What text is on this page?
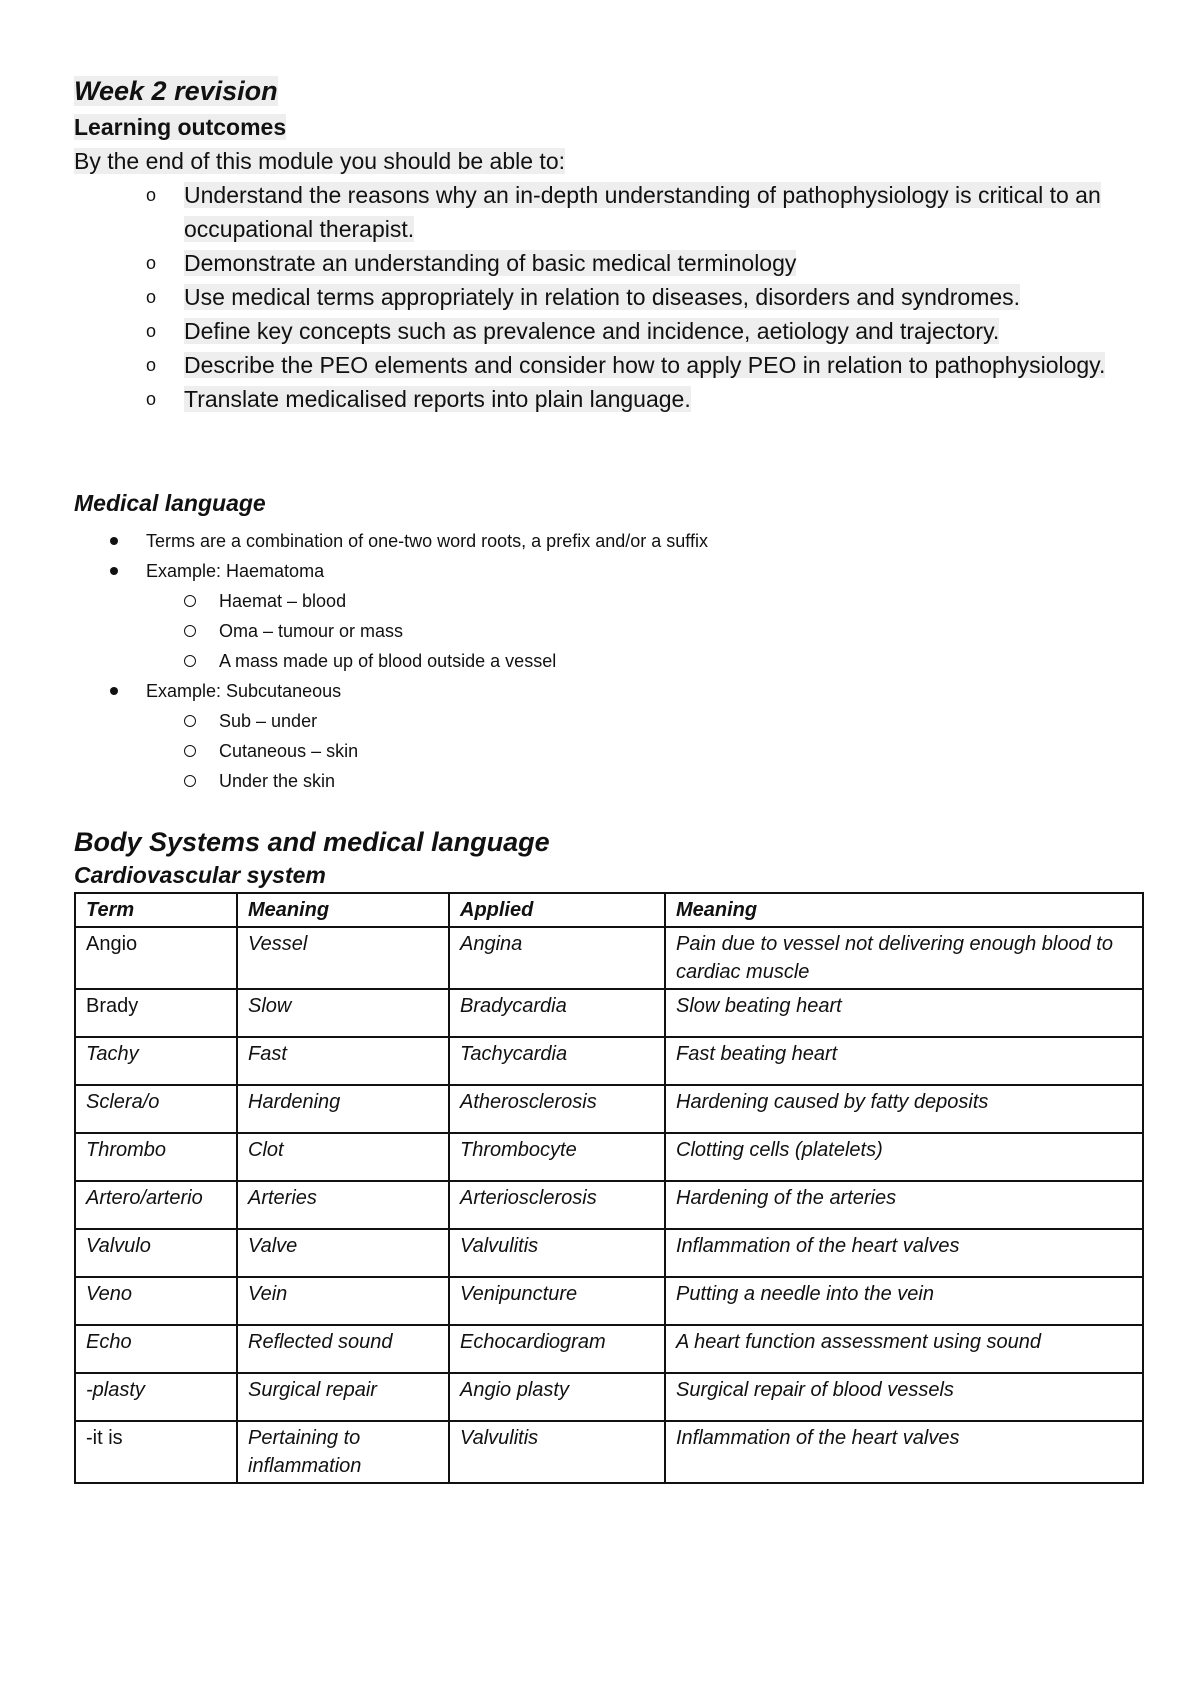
Week 2 revision
Learning outcomes
By the end of this module you should be able to:
o Understand the reasons why an in-depth understanding of pathophysiology is critical to an occupational therapist.
o Demonstrate an understanding of basic medical terminology
o Use medical terms appropriately in relation to diseases, disorders and syndromes.
o Define key concepts such as prevalence and incidence, aetiology and trajectory.
o Describe the PEO elements and consider how to apply PEO in relation to pathophysiology.
o Translate medicalised reports into plain language.
Medical language
Terms are a combination of one-two word roots, a prefix and/or a suffix
Example: Haematoma
Haemat – blood
Oma – tumour or mass
A mass made up of blood outside a vessel
Example: Subcutaneous
Sub – under
Cutaneous – skin
Under the skin
Body Systems and medical language
Cardiovascular system
Term	Meaning	Applied	Meaning
Angio	Vessel	Angina	Pain due to vessel not delivering enough blood to cardiac muscle
Brady	Slow	Bradycardia	Slow beating heart
Tachy	Fast	Tachycardia	Fast beating heart
Sclera/o	Hardening	Atherosclerosis	Hardening caused by fatty deposits
Thrombo	Clot	Thrombocyte	Clotting cells (platelets)
Artero/arterio	Arteries	Arteriosclerosis	Hardening of the arteries
Valvulo	Valve	Valvulitis	Inflammation of the heart valves
Veno	Vein	Venipuncture	Putting a needle into the vein
Echo	Reflected sound	Echocardiogram	A heart function assessment using sound
-plasty	Surgical repair	Angio plasty	Surgical repair of blood vessels
-it is	Pertaining to inflammation	Valvulitis	Inflammation of the heart valves
